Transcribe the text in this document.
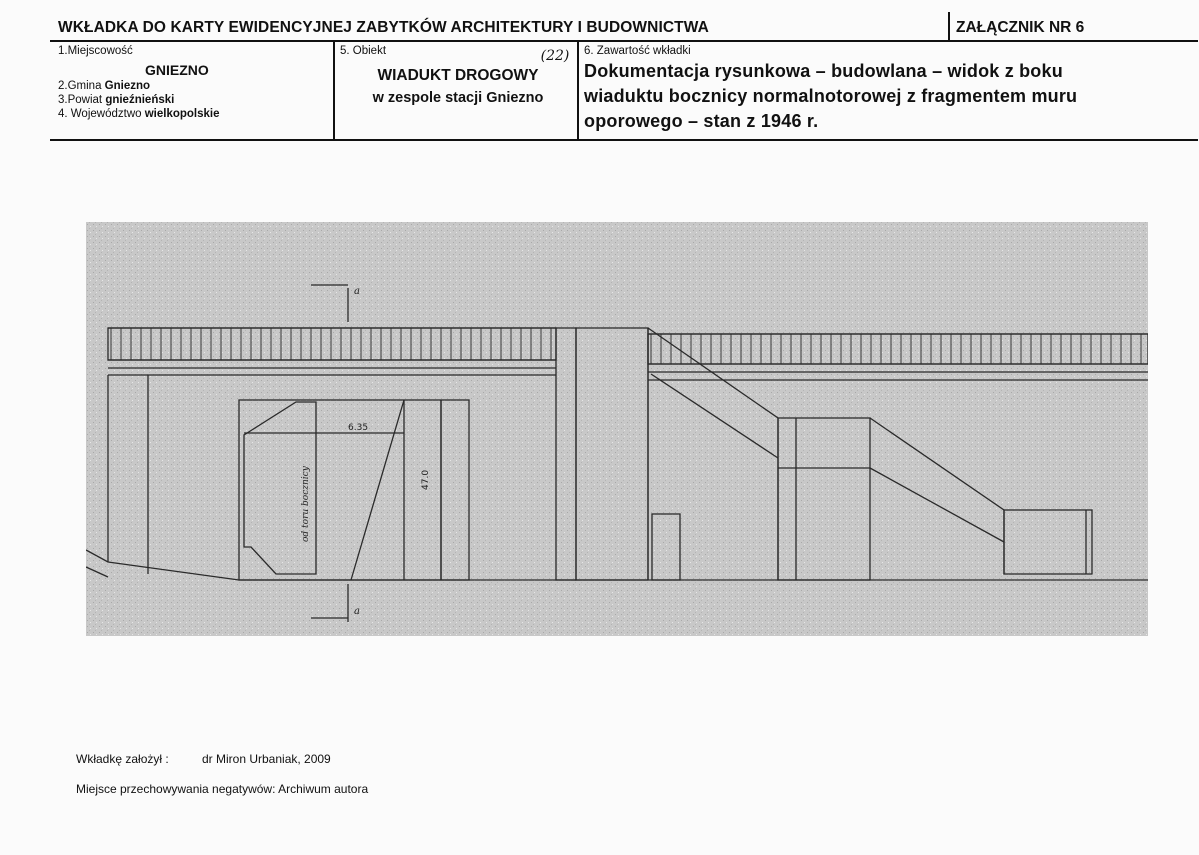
WKŁADKA DO KARTY EWIDENCYJNEJ ZABYTKÓW ARCHITEKTURY I BUDOWNICTWA	ZAŁĄCZNIK NR 6
1.Miejscowość
GNIEZNO
2.Gmina Gniezno
3.Powiat gnieźnieński
4. Województwo wielkopolskie
5. Obiekt	(22)
WIADUKT DROGOWY
w zespole stacji Gniezno
6. Zawartość wkładki
Dokumentacja rysunkowa – budowlana – widok z boku
wiaduktu bocznicy normalnotorowej z fragmentem muru
oporowego – stan z 1946 r.
6.35
47.0
od toru bocznicy
a
a
Wkładkę założył :	dr Miron Urbaniak, 2009
Miejsce przechowywania negatywów: Archiwum autora
